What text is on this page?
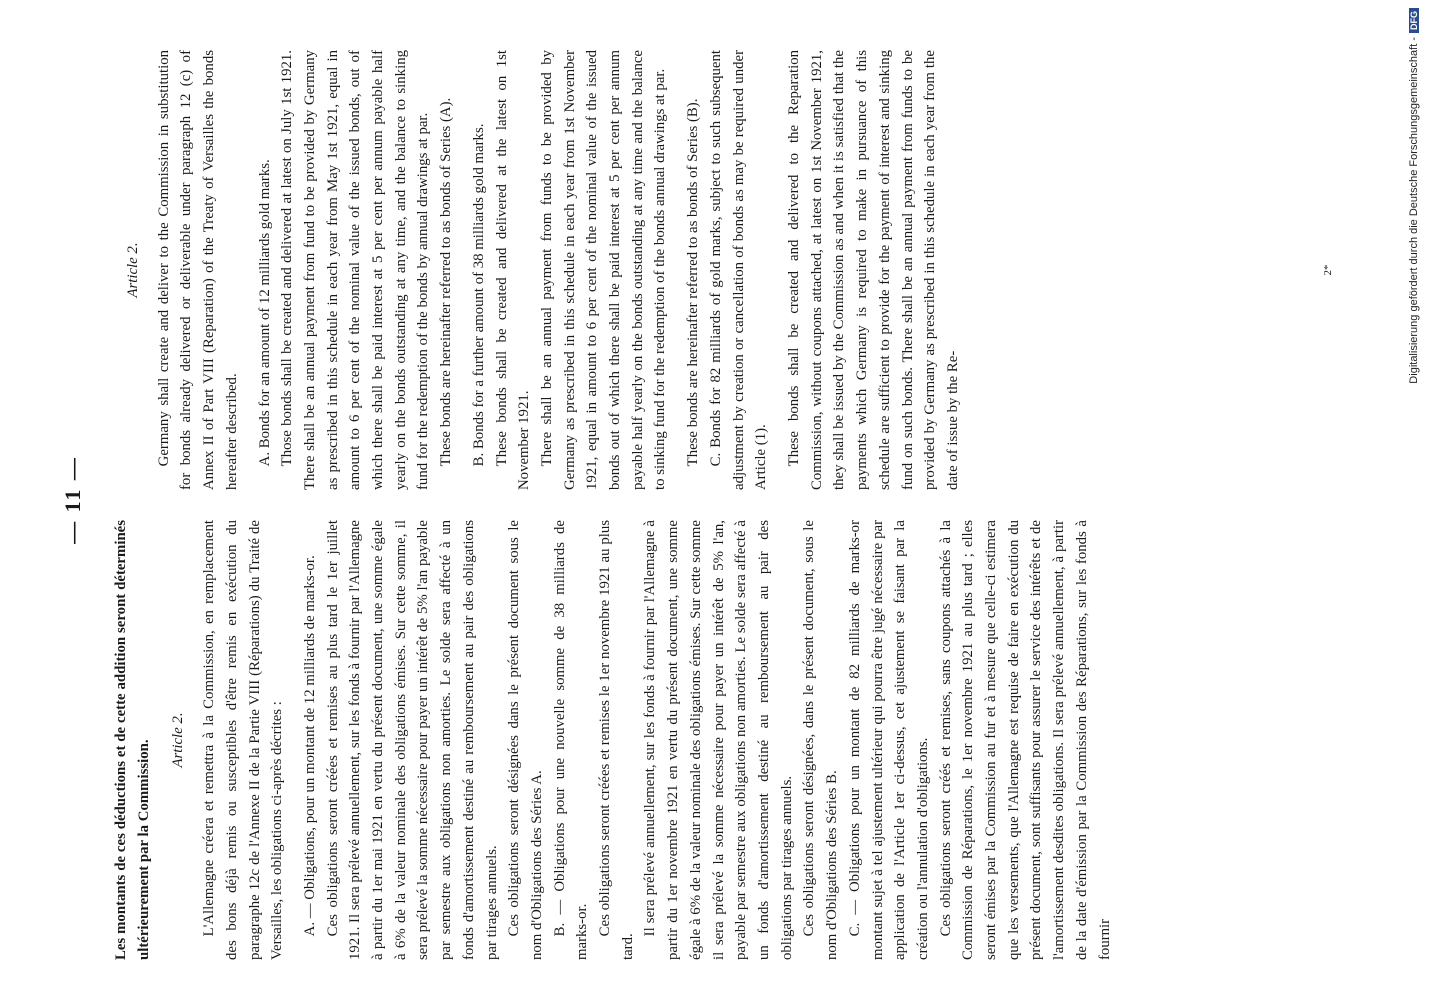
— 11 —

Les montants de ces déductions et de cette addition seront déterminés ultérieurement par la Commission. Article 2. L'Allemagne créera et remettra à la Commission, en remplacement des bons déjà remis ou susceptibles d'être remis en exécution du paragraphe 12c de l'Annexe II de la Partie VIII (Réparations) du Traité de Versailles, les obligations ci-après décrites : A. — Obligations, pour un montant de 12 milliards de marks-or. Ces obligations seront créées et remises au plus tard le 1er juillet 1921. Il sera prélevé annuellement, sur les fonds à fournir par l'Allemagne à partir du 1er mai 1921 en vertu du présent document, une somme égale à 6% de la valeur nominale des obligations émises. Sur cette somme, il sera prélevé la somme nécessaire pour payer un intérêt de 5% l'an payable par semestre aux obligations non amorties. Le solde sera affecté à un fonds d'amortissement destiné au remboursement au pair des obligations par tirages annuels. Ces obligations seront désignées dans le présent document sous le nom d'Obligations des Séries A. B. — Obligations pour une nouvelle somme de 38 milliards de marks-or. Ces obligations seront créées et remises le 1er novembre 1921 au plus tard.

Il sera prélevé annuellement, sur les fonds à fournir par l'Allemagne à partir du 1er novembre 1921 en vertu du présent document, une somme égale à 6% de la valeur nominale des obligations émises. Sur cette somme il sera prélevé la somme nécessaire pour payer un intérêt de 5% l'an, payable par semestre aux obligations non amorties. Le solde sera affecté à un fonds d'amortissement destiné au remboursement au pair des obligations par tirages annuels. Ces obligations seront désignées, dans le présent document, sous le nom d'Obligations des Séries B. C. — Obligations pour un montant de 82 milliards de marks-or montant sujet à tel ajustement ultérieur qui pourra être jugé nécessaire par application de l'Article 1er ci-dessus, cet ajustement se faisant par la création ou l'annulation d'obligations. Ces obligations seront créés et remises, sans coupons attachés à la Commission de Réparations, le 1er novembre 1921 au plus tard ; elles seront émises par la Commission au fur et à mesure que celle-ci estimera que les versements, que l'Allemagne est requise de faire en exécution du présent document, sont suffisants pour assurer le service des intérêts et de l'amortissement desdites obligations. Il sera prélevé annuellement, à partir de la date d'émission par la Commission des Réparations, sur les fonds à fournir

Article 2. Germany shall create and deliver to the Commission in substitution for bonds already delivered or deliverable under paragraph 12 (c) of Annex II of Part VIII (Reparation) of the Treaty of Versailles the bonds hereafter described. A. Bonds for an amount of 12 milliards gold marks. Those bonds shall be created and delivered at latest on July 1st 1921. There shall be an annual payment from fund to be provided by Germany as prescribed in this schedule in each year from May 1st 1921, equal in amount to 6 per cent of the nominal value of the issued bonds, out of which there shall be paid interest at 5 per cent per annum payable half yearly on the bonds outstanding at any time, and the balance to sinking fund for the redemption of the bonds by annual drawings at par. These bonds are hereinafter referred to as bonds of Series (A). B. Bonds for a further amount of 38 milliards gold marks. These bonds shall be created and delivered at the latest on 1st November 1921. There shall be an annual payment from funds to be provided by Germany as prescribed in this schedule in each year from 1st November 1921, equal in amount to 6 per cent of the nominal value of the issued bonds out of which there shall be paid interest at 5 per cent per annum payable half yearly on the bonds outstanding at any time and the balance to sinking fund for the redemption of the bonds annual drawings at par. These bonds are hereinafter referred to as bonds of Series (B). C. Bonds for 82 milliards of gold marks, subject to such subsequent adjustment by creation or cancellation of bonds as may be required under Article (1). These bonds shall be created and delivered to the Reparation Commission, without coupons attached, at latest on 1st November 1921, they shall be issued by the Commission as and when it is satisfied that the payments which Germany is required to make in pursuance of this schedule are sufficient to provide for the payment of interest and sinking fund on such bonds. There shall be an annual payment from funds to be provided by Germany as prescribed in this schedule in each year from the date of issue by the Re-

2*	Digitalisierung gefördert durch die Deutsche Forschungsgemeinschaft -DFG
